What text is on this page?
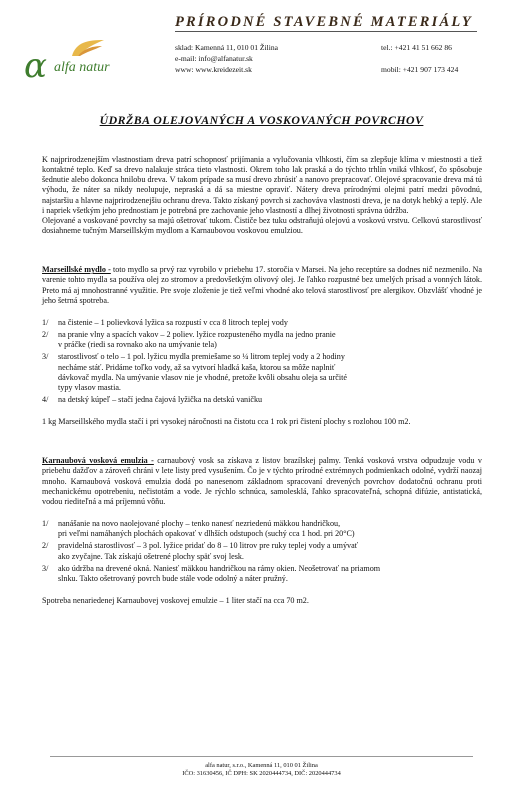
α alfa natur
PRÍRODNÉ STAVEBNÉ MATERIÁLY
sklad: Kamenná 11, 010 01 Žilina
e-mail: info@alfanatur.sk
www: www.kreidezeit.sk
tel.: +421 41 51 662 86

mobil: +421 907 173 424
ÚDRŽBA OLEJOVANÝCH A VOSKOVANÝCH POVRCHOV

K najprirodzenejším vlastnostiam dreva patrí schopnosť prijímania a vylučovania vlhkosti, čím sa zlepšuje klíma v miestnosti a tiež kontaktné teplo. Keď sa drevo nalakuje stráca tieto vlastnosti. Okrem toho lak praská a do týchto trhlín vniká vlhkosť, čo spôsobuje šednutie alebo dokonca hnilobu dreva. V takom prípade sa musí drevo zbrúsiť a nanovo prepracovať. Olejové spracovanie dreva má tú výhodu, že náter sa nikdy neolupuje, nepraská a dá sa miestne opraviť. Nátery dreva prírodnými olejmi patrí medzi pôvodnú, najstaršiu a hlavne najprirodzenejšiu ochranu dreva. Takto získaný povrch si zachováva vlastnosti dreva, je na dotyk hebký a teplý. Ale i napriek všetkým jeho prednostiam je potrebná pre zachovanie jeho vlastností a dlhej životnosti správna údržba.

Olejované a voskované povrchy sa majú ošetrovať tukom. Čističe bez tuku odstraňujú olejovú a voskovú vrstvu. Celkovú starostlivosť dosiahneme tučným Marseillským mydlom a Karnaubovou voskovou emulziou.

Marseillské mydlo - toto mydlo sa prvý raz vyrobilo v priebehu 17. storočia v Marsei. Na jeho receptúre sa dodnes nič nezmenilo. Na varenie tohto mydla sa používa olej zo stromov a predovšetkým olivový olej. Je ľahko rozpustné bez umelých prísad a vonných látok. Preto má aj mnohostranné využitie. Pre svoje zloženie je tiež veľmi vhodné ako telová starostlivosť pre alergikov. Obzvlášť vhodné je jeho šetrná spotreba.

1/	na čistenie – 1 polievková lyžica sa rozpustí v cca 8 litroch teplej vody
2/	na pranie vlny a spacích vakov – 2 poliev. lyžice rozpusteného mydla na jedno pranie
v práčke (riedi sa rovnako ako na umývanie tela)
3/	starostlivosť o telo – 1 pol. lyžicu mydla premiešame so ¼ litrom teplej vody a 2 hodiny
necháme stáť. Pridáme toľko vody, až sa vytvorí hladká kaša, ktorou sa môže naplniť
dávkovač mydla. Na umývanie vlasov nie je vhodné, pretože kvôli obsahu oleja sa určité
typy vlasov mastia.
4/	na detský kúpeľ – stačí jedna čajová lyžička na detskú vaničku

1 kg Marseillského mydla stačí i pri vysokej náročnosti na čistotu cca 1 rok pri čistení plochy s rozlohou 100 m2.

Karnaubová vosková emulzia - carnaubový vosk sa získava z listov brazílskej palmy. Tenká vosková vrstva odpudzuje vodu v priebehu dažďov a zároveň chráni v lete listy pred vysušením. Čo je v týchto prírodné extrémnych podmienkach odolné, vydrží naozaj mnoho. Karnaubová vosková emulzia dodá po nanesenom základnom spracovaní drevených povrchov dodatočnú ochranu proti mechanickému opotrebeniu, nečistotám a vode. Je rýchlo schnúca, samolesklá, ľahko spracovateľná, schopná difúzie, antistatická, vodou riediteľná a má príjemnú vôňu.

1/	nanášanie na novo naolejované plochy – tenko nanesť nezriedenú mäkkou handričkou,
pri veľmi namáhaných plochách opakovať v dlhších odstupoch (suchý cca 1 hod. pri 20°C)
2/	pravidelná starostlivosť – 3 pol. lyžice pridať do 8 – 10 litrov pre ruky teplej vody a umývať
ako zvyčajne. Tak získajú ošetrené plochy späť svoj lesk.
3/	ako údržba na drevené okná. Naniesť mäkkou handričkou na rámy okien. Neošetrovať na priamom
slnku. Takto ošetrovaný povrch bude stále vode odolný a náter pružný.

Spotreba nenariedenej Karnaubovej voskovej emulzie – 1 liter stačí na cca 70 m2.

alfa natur, s.r.o., Kamenná 11, 010 01 Žilina
IČO: 31630456, IČ DPH: SK 2020444734, DIČ: 2020444734
